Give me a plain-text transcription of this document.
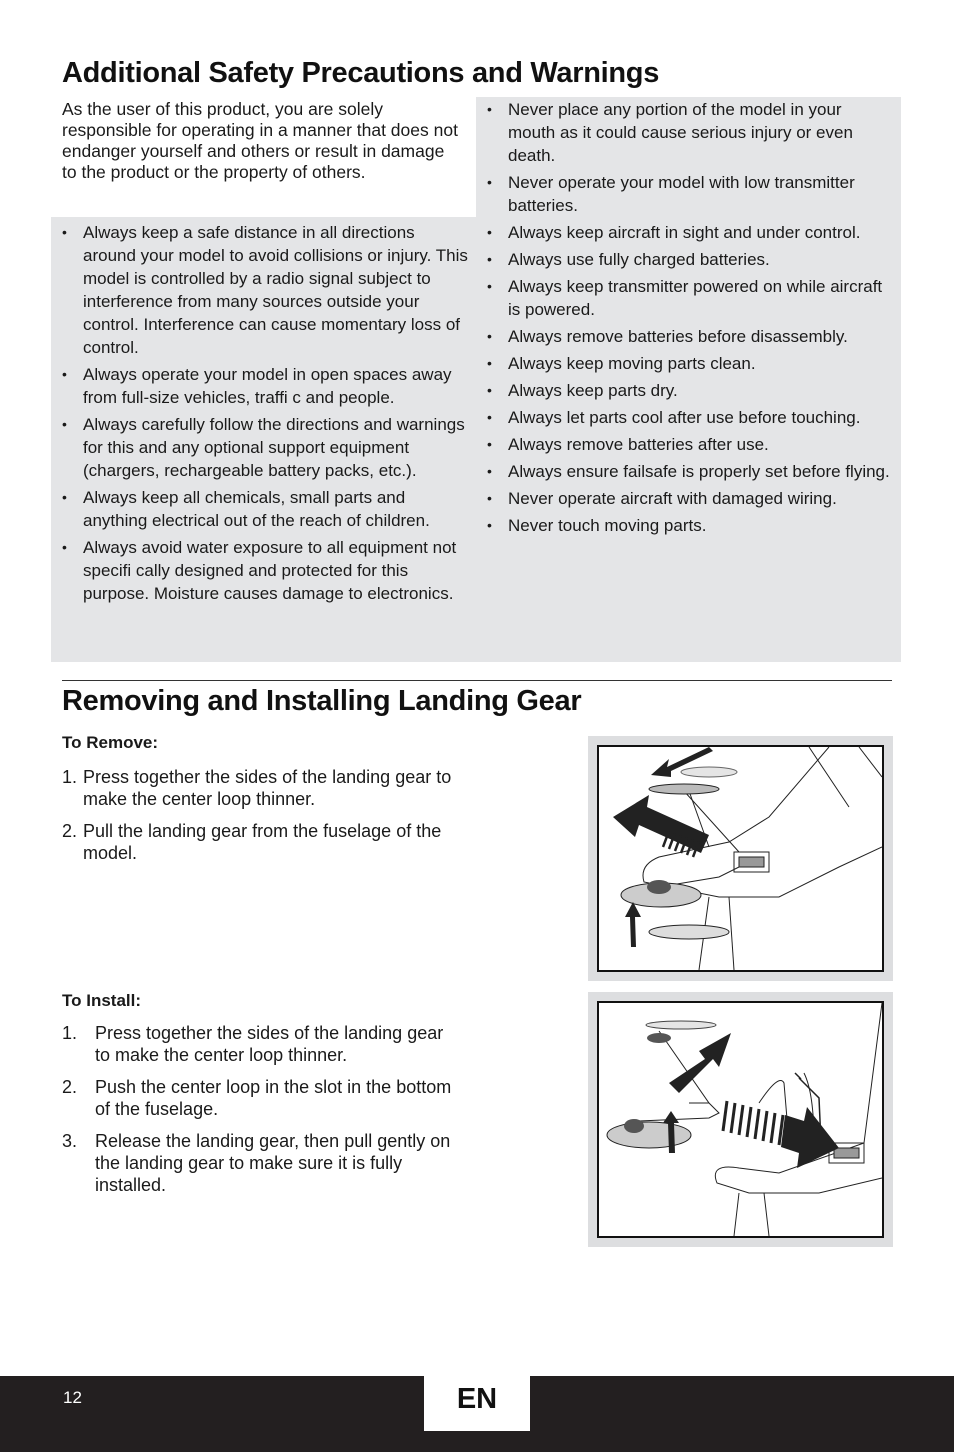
Additional Safety Precautions and Warnings

As the user of this product, you are solely responsible for operating in a manner that does not endanger yourself and others or result in damage to the product or the property of others.

• Always keep a safe distance in all directions around your model to avoid collisions or injury. This model is controlled by a radio signal subject to interference from many sources outside your control. Interference can cause momentary loss of control.
• Always operate your model in open spaces away from full-size vehicles, traffi c and people.
• Always carefully follow the directions and warnings for this and any optional support equipment (chargers, rechargeable battery packs, etc.).
• Always keep all chemicals, small parts and anything electrical out of the reach of children.
• Always avoid water exposure to all equipment not specifi cally designed and protected for this purpose. Moisture causes damage to electronics.
• Never place any portion of the model in your mouth as it could cause serious injury or even death.
• Never operate your model with low transmitter batteries.
• Always keep aircraft in sight and under control.
• Always use fully charged batteries.
• Always keep transmitter powered on while aircraft is powered.
• Always remove batteries before disassembly.
• Always keep moving parts clean.
• Always keep parts dry.
• Always let parts cool after use before touching.
• Always remove batteries after use.
• Always ensure failsafe is properly set before flying.
• Never operate aircraft with damaged wiring.
• Never touch moving parts.
Removing and Installing Landing Gear
To Remove:
1. Press together the sides of the landing gear to make the center loop thinner.
2. Pull the landing gear from the fuselage of the model.
To Install:
1. Press together the sides of the landing gear to make the center loop thinner.
2. Push the center loop in the slot in the bottom of the fuselage.
3. Release the landing gear, then pull gently on the landing gear to make sure it is fully installed.
12	EN
